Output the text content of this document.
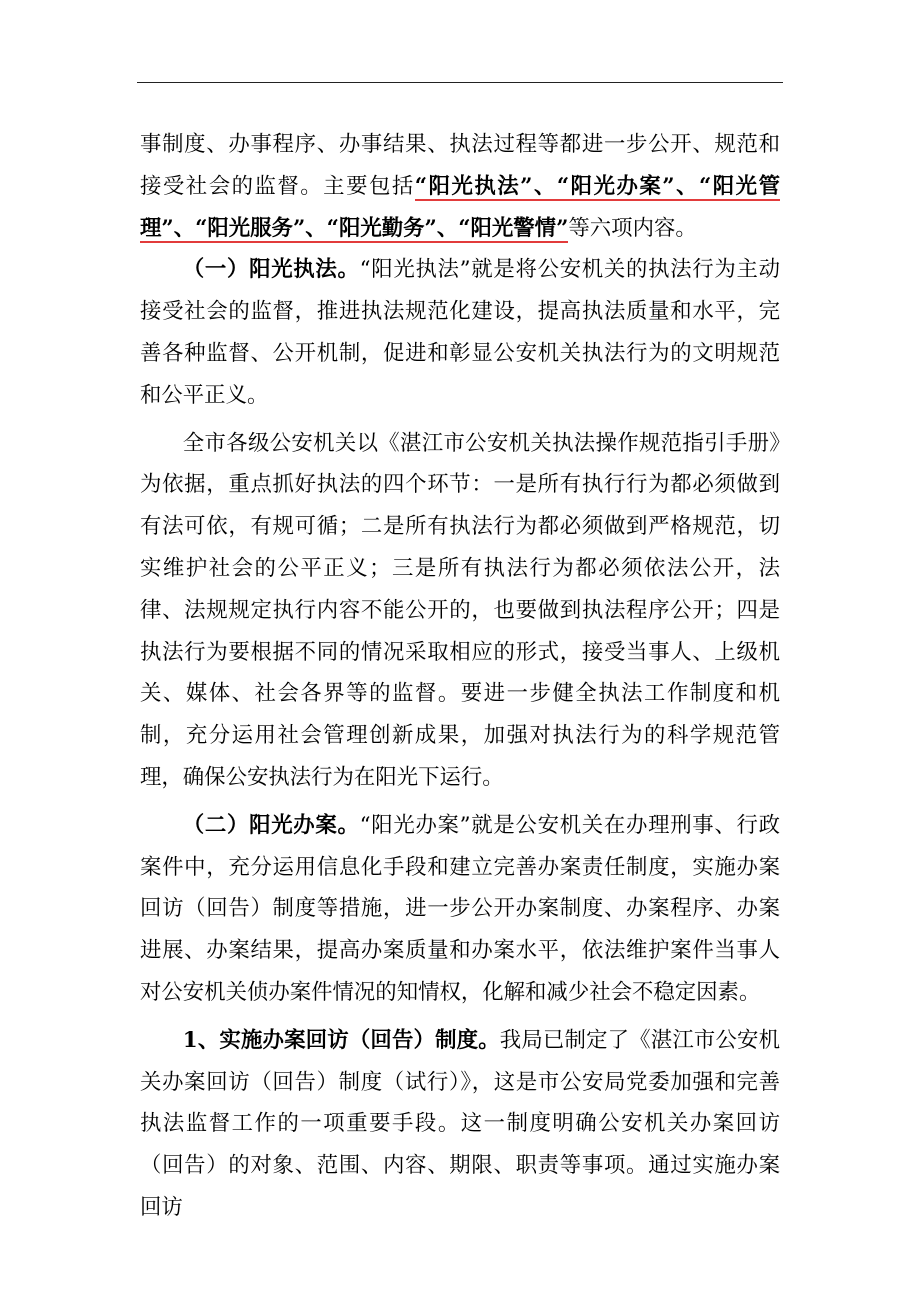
事制度、办事程序、办事结果、执法过程等都进一步公开、规范和接受社会的监督。主要包括“阳光执法”、“阳光办案”、“阳光管理”、“阳光服务”、“阳光勤务”、“阳光警情”等六项内容。

（一）阳光执法。“阳光执法”就是将公安机关的执法行为主动接受社会的监督，推进执法规范化建设，提高执法质量和水平，完善各种监督、公开机制，促进和彰显公安机关执法行为的文明规范和公平正义。

全市各级公安机关以《湛江市公安机关执法操作规范指引手册》为依据，重点抓好执法的四个环节：一是所有执行行为都必须做到有法可依，有规可循；二是所有执法行为都必须做到严格规范，切实维护社会的公平正义；三是所有执法行为都必须依法公开，法律、法规规定执行内容不能公开的，也要做到执法程序公开；四是执法行为要根据不同的情况采取相应的形式，接受当事人、上级机关、媒体、社会各界等的监督。要进一步健全执法工作制度和机制，充分运用社会管理创新成果，加强对执法行为的科学规范管理，确保公安执法行为在阳光下运行。

（二）阳光办案。“阳光办案”就是公安机关在办理刑事、行政案件中，充分运用信息化手段和建立完善办案责任制度，实施办案回访（回告）制度等措施，进一步公开办案制度、办案程序、办案进展、办案结果，提高办案质量和办案水平，依法维护案件当事人对公安机关侦办案件情况的知情权，化解和减少社会不稳定因素。

1、实施办案回访（回告）制度。我局已制定了《湛江市公安机关办案回访（回告）制度（试行）》，这是市公安局党委加强和完善执法监督工作的一项重要手段。这一制度明确公安机关办案回访（回告）的对象、范围、内容、期限、职责等事项。通过实施办案回访
